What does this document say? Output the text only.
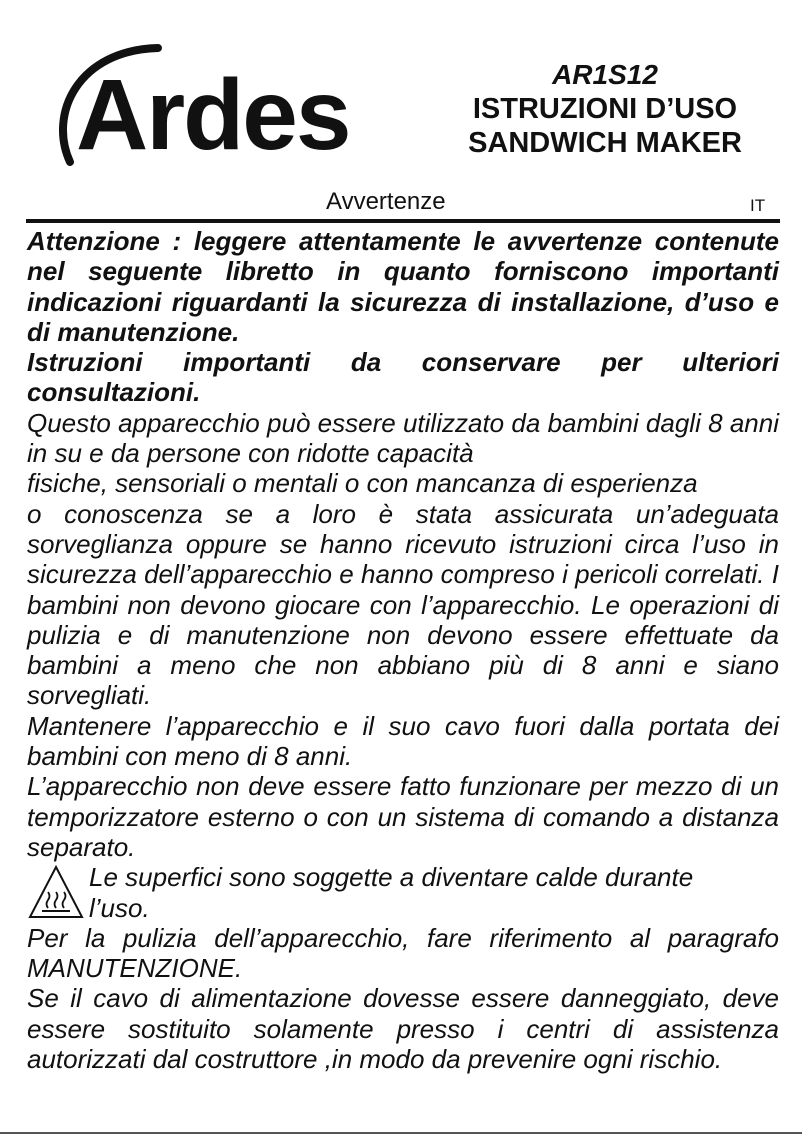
Ardes	AR1S12
ISTRUZIONI D’USO
SANDWICH MAKER
Avvertenze	IT

Attenzione : leggere attentamente le avvertenze contenute nel seguente libretto in quanto forniscono importanti indicazioni riguardanti la sicurezza di installazione, d’uso e di manutenzione.

Istruzioni importanti da conservare per ulteriori consultazioni.

Questo apparecchio può essere utilizzato da bambini dagli 8 anni in su e da persone con ridotte capacità

fisiche, sensoriali o mentali o con mancanza di esperienza

o conoscenza se a loro è stata assicurata un’adeguata sorveglianza oppure se hanno ricevuto istruzioni circa l’uso in sicurezza dell’apparecchio e hanno compreso i pericoli correlati. I bambini non devono giocare con l’apparecchio. Le operazioni di pulizia e di manutenzione non devono essere effettuate da bambini a meno che non abbiano più di 8 anni e siano sorvegliati.

Mantenere l’apparecchio e il suo cavo fuori dalla portata dei bambini con meno di 8 anni.

L’apparecchio non deve essere fatto funzionare per mezzo di un temporizzatore esterno o con un sistema di comando a distanza separato.

Le superfici sono soggette a diventare calde durante
l’uso.

Per la pulizia dell’apparecchio, fare riferimento al paragrafo MANUTENZIONE.

Se il cavo di alimentazione dovesse essere danneggiato, deve essere sostituito solamente presso i centri di assistenza autorizzati dal costruttore ,in modo da prevenire ogni rischio.
